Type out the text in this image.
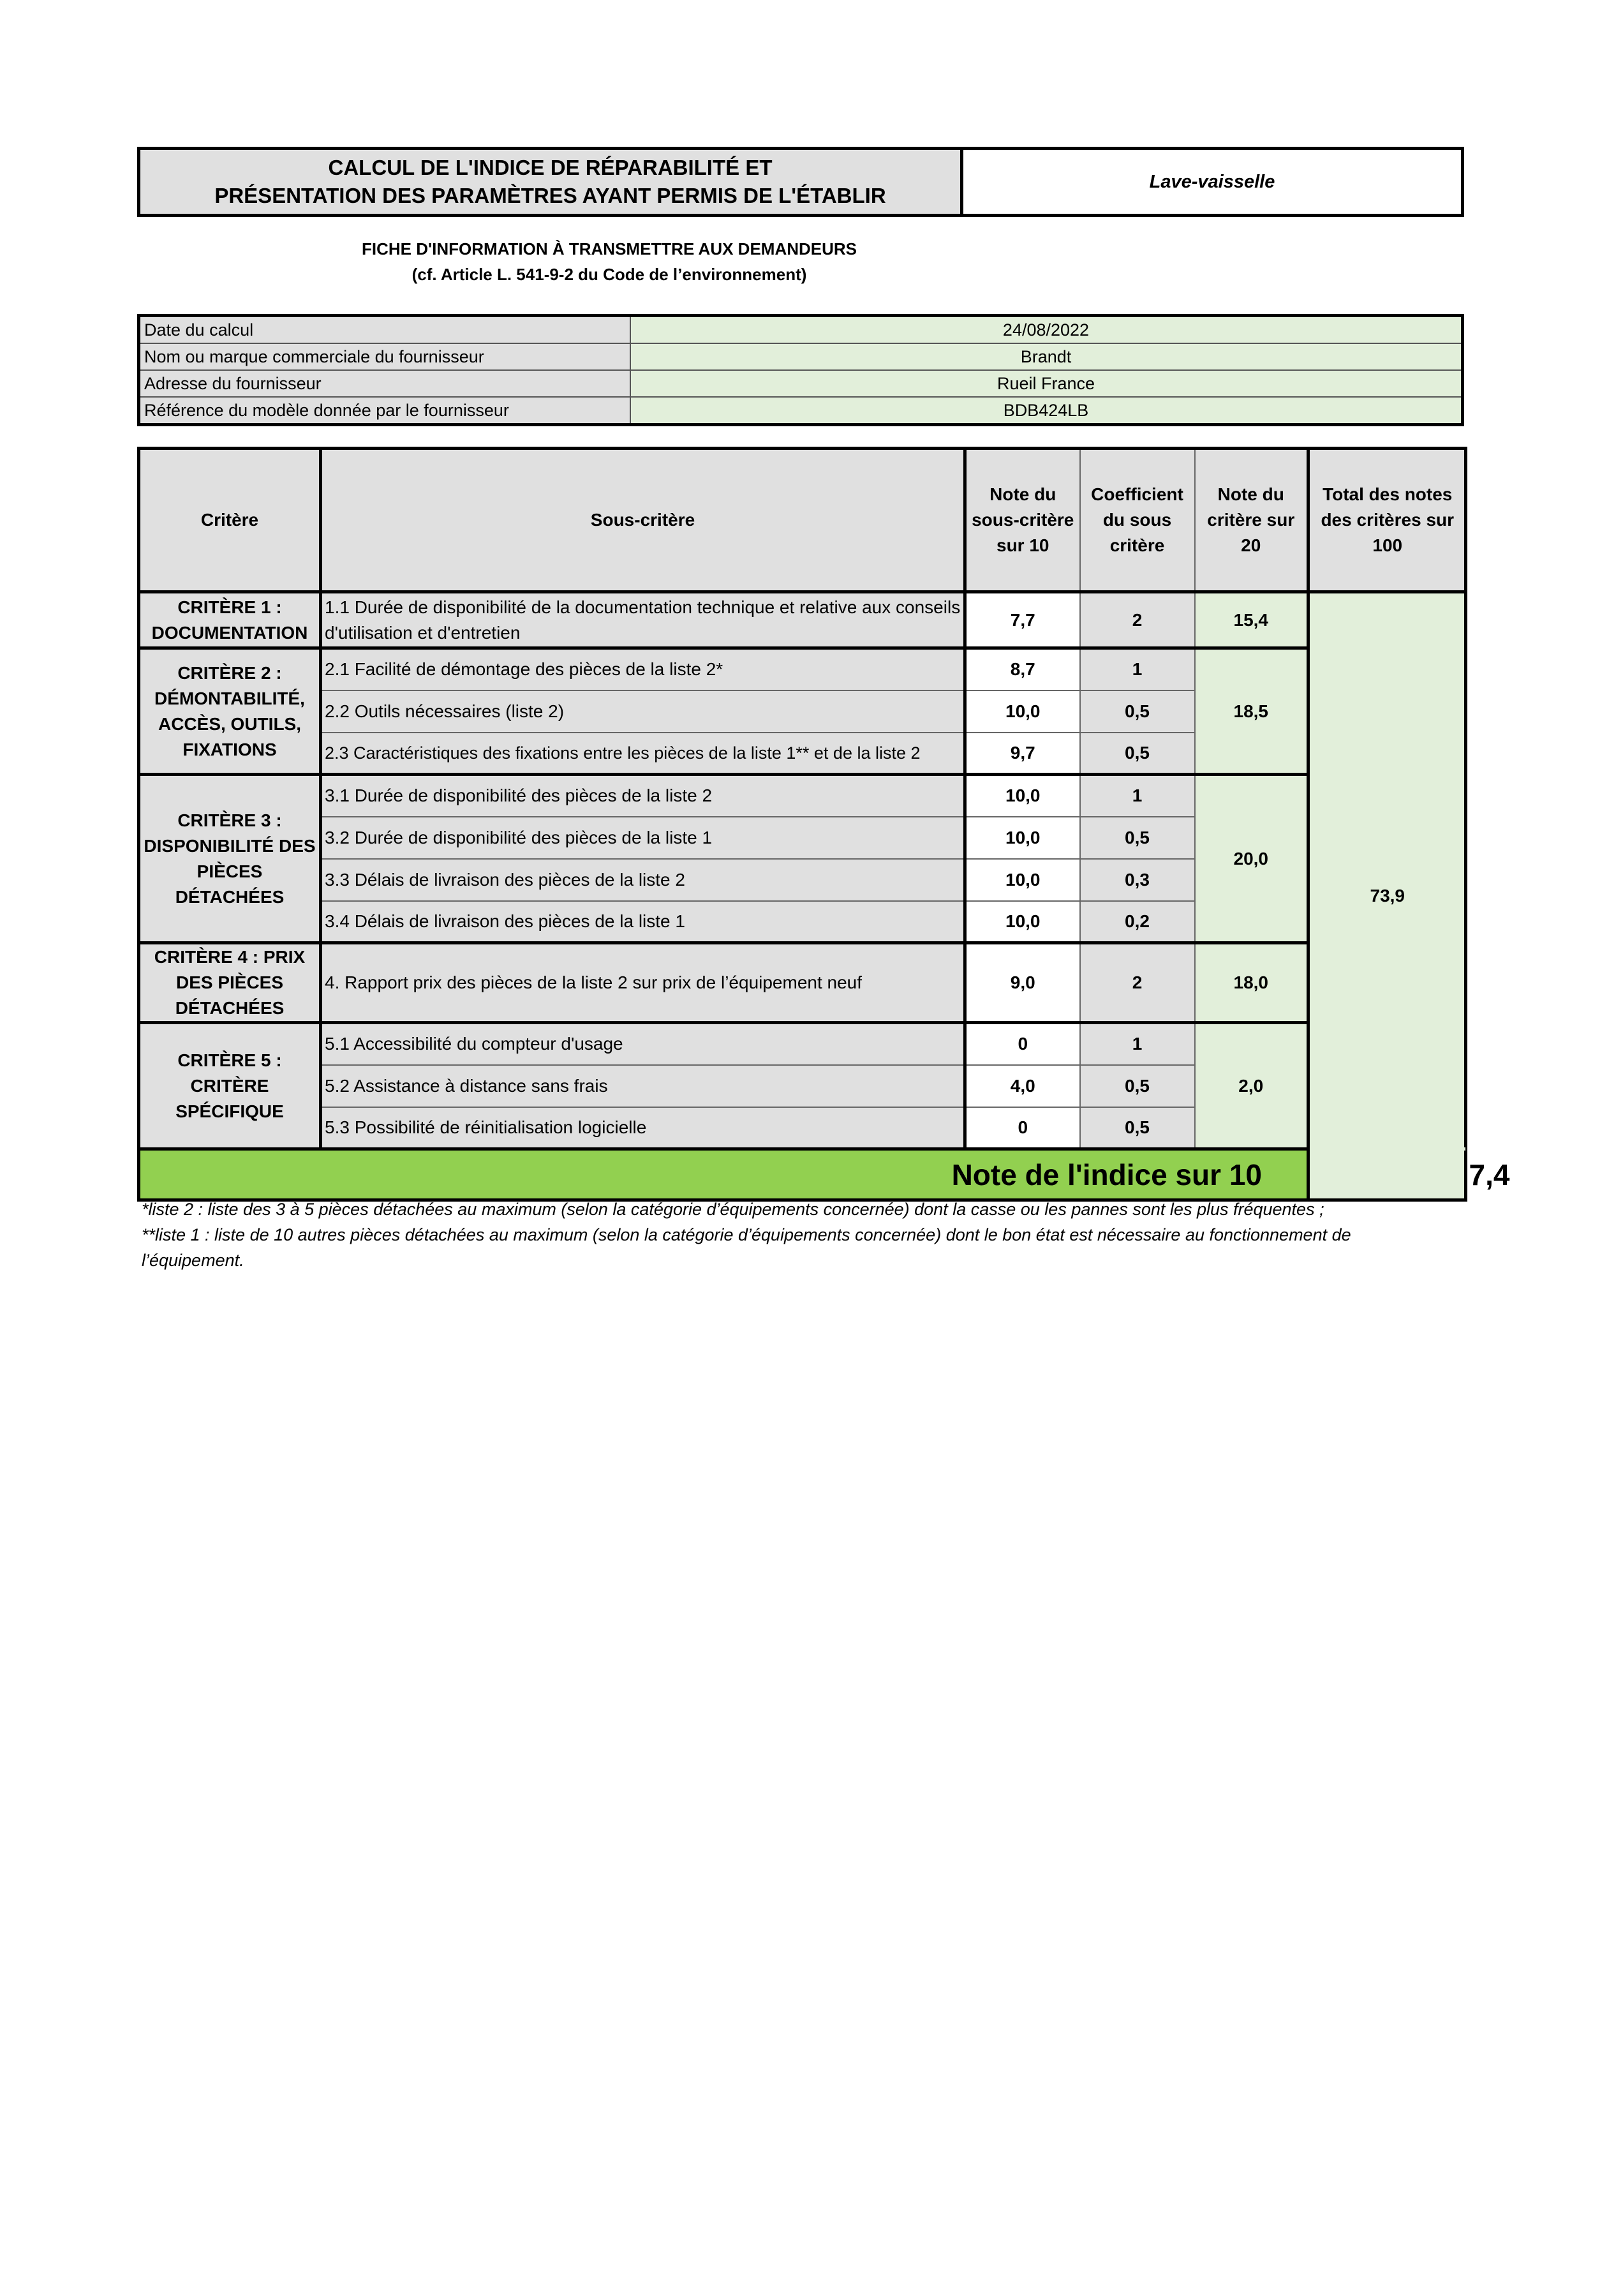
CALCUL DE L'INDICE DE RÉPARABILITÉ ET
PRÉSENTATION DES PARAMÈTRES AYANT PERMIS DE L'ÉTABLIR
Lave-vaisselle
FICHE D'INFORMATION À TRANSMETTRE AUX DEMANDEURS
(cf. Article L. 541-9-2 du Code de l’environnement)
Date du calcul	24/08/2022
Nom ou marque commerciale du fournisseur	Brandt
Adresse du fournisseur	Rueil France
Référence du modèle donnée par le fournisseur	BDB424LB
Critère	Sous-critère	Note du sous-critère sur 10	Coefficient du sous critère	Note du critère sur 20	Total des notes des critères sur 100	
CRITÈRE 1 : DOCUMENTATION	1.1 Durée de disponibilité de la documentation technique et relative aux conseils d'utilisation et d'entretien	7,7	2	15,4	73,9	
CRITÈRE 2 : DÉMONTABILITÉ, ACCÈS, OUTILS, FIXATIONS	2.1 Facilité de démontage des pièces de la liste 2*	8,7	1	18,5		
	2.2 Outils nécessaires (liste 2)	10,0	0,5			
	2.3 Caractéristiques des fixations entre les pièces de la liste 1** et de la liste 2	9,7	0,5			
CRITÈRE 3 : DISPONIBILITÉ DES PIÈCES DÉTACHÉES	3.1 Durée de disponibilité des pièces de la liste 2	10,0	1	20,0		
	3.2 Durée de disponibilité des pièces de la liste 1	10,0	0,5			
	3.3 Délais de livraison des pièces de la liste 2	10,0	0,3			
	3.4 Délais de livraison des pièces de la liste 1	10,0	0,2			
CRITÈRE 4 : PRIX DES PIÈCES DÉTACHÉES	4. Rapport prix des pièces de la liste 2 sur prix de l’équipement neuf	9,0	2	18,0		
CRITÈRE 5 : CRITÈRE SPÉCIFIQUE	5.1 Accessibilité du compteur d'usage	0	1	2,0		
	5.2 Assistance à distance sans frais	4,0	0,5			
	5.3 Possibilité de réinitialisation logicielle	0	0,5			
Note de l'indice sur 10						7,4
*liste 2 : liste des 3 à 5 pièces détachées au maximum (selon la catégorie d’équipements concernée) dont la casse ou les pannes sont les plus fréquentes ;
**liste 1 : liste de 10 autres pièces détachées au maximum (selon la catégorie d’équipements concernée) dont le bon état est nécessaire au fonctionnement de
l’équipement.
